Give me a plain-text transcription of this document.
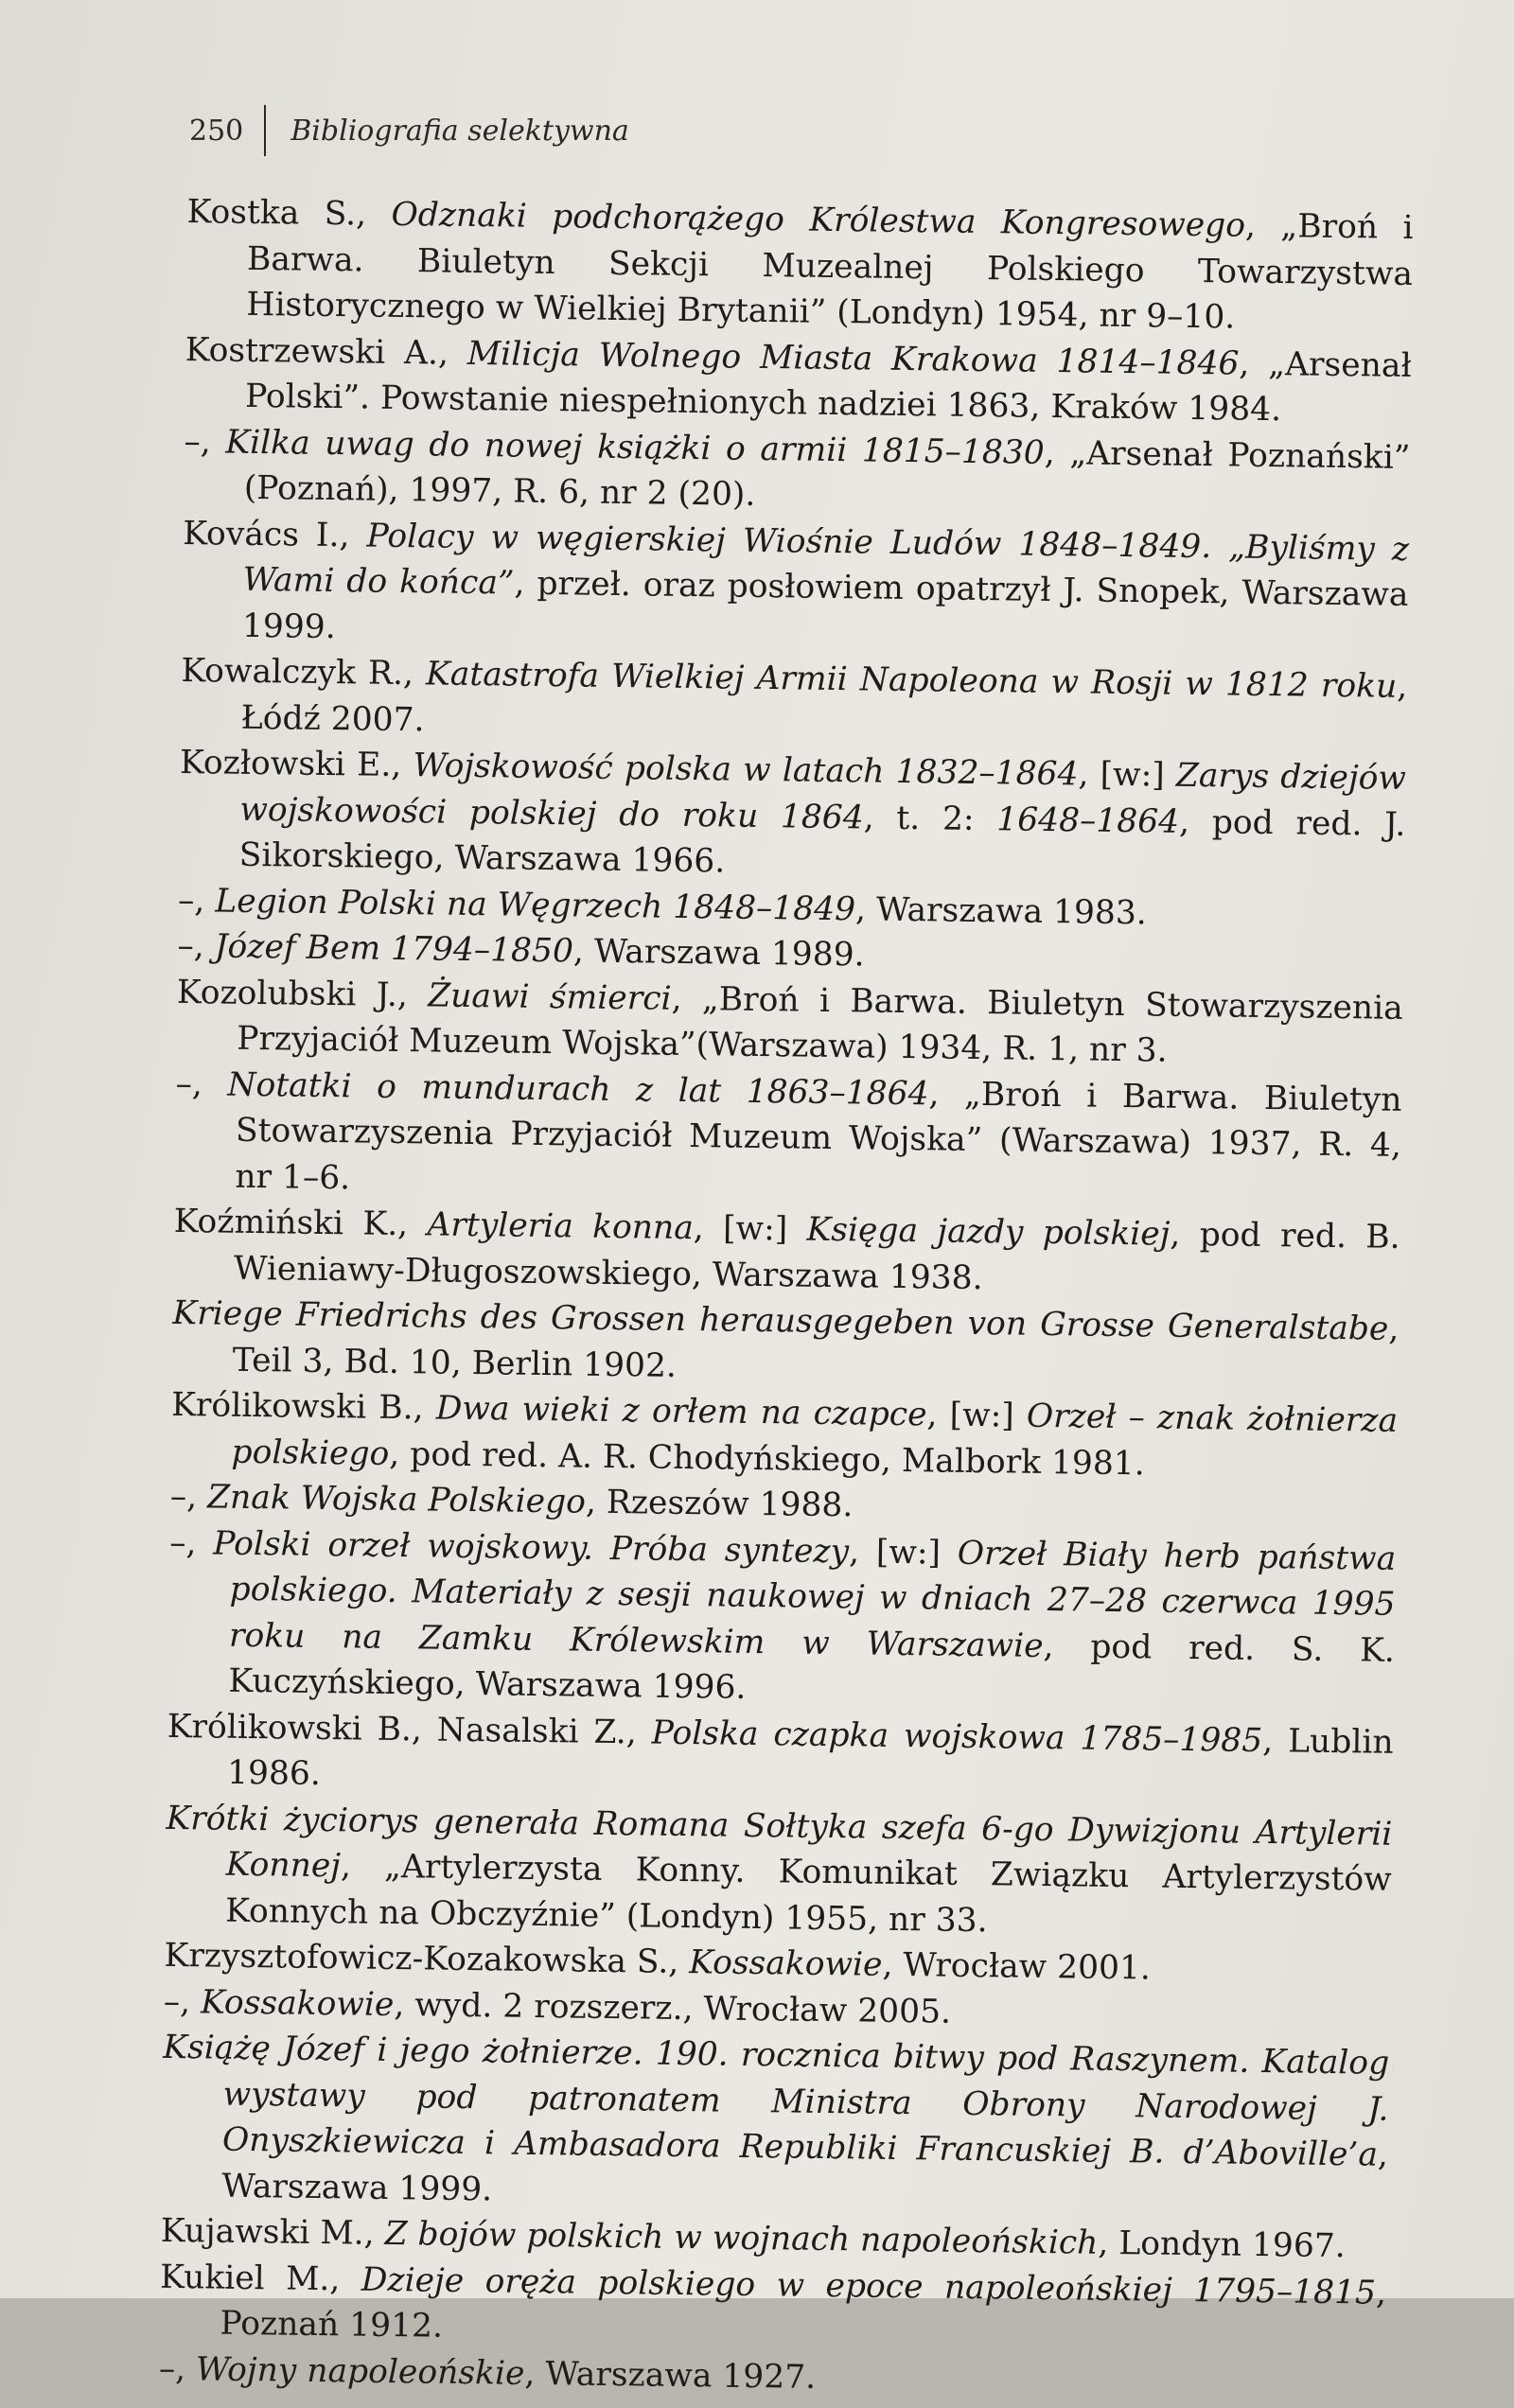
250	Bibliografia selektywna

Kostka S., Odznaki podchorążego Królestwa Kongresowego, „Broń i Barwa. Biuletyn Sekcji Muzealnej Polskiego Towarzystwa Historycznego w Wielkiej Brytanii” (Londyn) 1954, nr 9–10.

Kostrzewski A., Milicja Wolnego Miasta Krakowa 1814–1846, „Arsenał Polski”. Powstanie niespełnionych nadziei 1863, Kraków 1984.

–, Kilka uwag do nowej książki o armii 1815–1830, „Arsenał Poznański” (Poznań), 1997, R. 6, nr 2 (20).

Kovács I., Polacy w węgierskiej Wiośnie Ludów 1848–1849. „Byliśmy z Wami do końca”, przeł. oraz posłowiem opatrzył J. Snopek, Warszawa 1999.

Kowalczyk R., Katastrofa Wielkiej Armii Napoleona w Rosji w 1812 roku, Łódź 2007.

Kozłowski E., Wojskowość polska w latach 1832–1864, [w:] Zarys dziejów wojskowości polskiej do roku 1864, t. 2: 1648–1864, pod red. J. Sikorskiego, Warszawa 1966.

–, Legion Polski na Węgrzech 1848–1849, Warszawa 1983.

–, Józef Bem 1794–1850, Warszawa 1989.

Kozolubski J., Żuawi śmierci, „Broń i Barwa. Biuletyn Stowarzyszenia Przyjaciół Muzeum Wojska”(Warszawa) 1934, R. 1, nr 3.

–, Notatki o mundurach z lat 1863–1864, „Broń i Barwa. Biuletyn Stowarzyszenia Przyjaciół Muzeum Wojska” (Warszawa) 1937, R. 4, nr 1–6.

Koźmiński K., Artyleria konna, [w:] Księga jazdy polskiej, pod red. B. Wieniawy-Długoszowskiego, Warszawa 1938.

Kriege Friedrichs des Grossen herausgegeben von Grosse Generalstabe, Teil 3, Bd. 10, Berlin 1902.

Królikowski B., Dwa wieki z orłem na czapce, [w:] Orzeł – znak żołnierza polskiego, pod red. A. R. Chodyńskiego, Malbork 1981.

–, Znak Wojska Polskiego, Rzeszów 1988.

–, Polski orzeł wojskowy. Próba syntezy, [w:] Orzeł Biały herb państwa polskiego. Materiały z sesji naukowej w dniach 27–28 czerwca 1995 roku na Zamku Królewskim w Warszawie, pod red. S. K. Kuczyńskiego, Warszawa 1996.

Królikowski B., Nasalski Z., Polska czapka wojskowa 1785–1985, Lublin 1986.

Krótki życiorys generała Romana Sołtyka szefa 6-go Dywizjonu Artylerii Konnej, „Artylerzysta Konny. Komunikat Związku Artylerzystów Konnych na Obczyźnie” (Londyn) 1955, nr 33.

Krzysztofowicz-Kozakowska S., Kossakowie, Wrocław 2001.

–, Kossakowie, wyd. 2 rozszerz., Wrocław 2005.

Książę Józef i jego żołnierze. 190. rocznica bitwy pod Raszynem. Katalog wystawy pod patronatem Ministra Obrony Narodowej J. Onyszkiewicza i Ambasadora Republiki Francuskiej B. d’Aboville’a, Warszawa 1999.

Kujawski M., Z bojów polskich w wojnach napoleońskich, Londyn 1967.

Kukiel M., Dzieje oręża polskiego w epoce napoleońskiej 1795–1815, Poznań 1912.

–, Wojny napoleońskie, Warszawa 1927.
